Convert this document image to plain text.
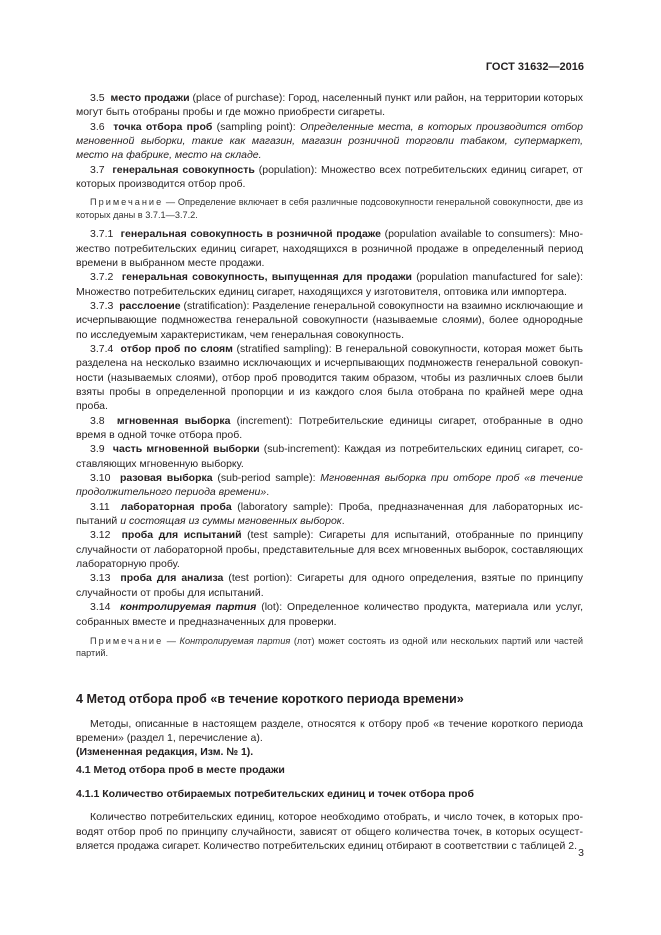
ГОСТ 31632—2016

3.5 место продажи (place of purchase): Город, населенный пункт или район, на территории которых могут быть отобраны пробы и где можно приобрести сигареты.

3.6 точка отбора проб (sampling point): Определенные места, в которых производится отбор мгновенной выборки, такие как магазин, магазин розничной торговли табаком, супермаркет, место на фабрике, место на складе.

3.7 генеральная совокупность (population): Множество всех потребительских единиц сигарет, от которых производится отбор проб.

Примечание — Определение включает в себя различные подсовокупности генеральной совокупности, две из которых даны в 3.7.1—3.7.2.

3.7.1 генеральная совокупность в розничной продаже (population available to consumers): Множество потребительских единиц сигарет, находящихся в розничной продаже в определенный период времени в выбранном месте продажи.

3.7.2 генеральная совокупность, выпущенная для продажи (population manufactured for sale): Множество потребительских единиц сигарет, находящихся у изготовителя, оптовика или импортера.

3.7.3 расслоение (stratification): Разделение генеральной совокупности на взаимно исключающие и исчерпывающие подмножества генеральной совокупности (называемые слоями), более однородные по исследуемым характеристикам, чем генеральная совокупность.

3.7.4 отбор проб по слоям (stratified sampling): В генеральной совокупности, которая может быть разделена на несколько взаимно исключающих и исчерпывающих подмножеств генеральной совокупности (называемых слоями), отбор проб проводится таким образом, чтобы из различных слоев были взяты пробы в определенной пропорции и из каждого слоя была отобрана по крайней мере одна проба.

3.8 мгновенная выборка (increment): Потребительские единицы сигарет, отобранные в одно время в одной точке отбора проб.

3.9 часть мгновенной выборки (sub-increment): Каждая из потребительских единиц сигарет, составляющих мгновенную выборку.

3.10 разовая выборка (sub-period sample): Мгновенная выборка при отборе проб «в течение продолжительного периода времени».

3.11 лабораторная проба (laboratory sample): Проба, предназначенная для лабораторных испытаний и состоящая из суммы мгновенных выборок.

3.12 проба для испытаний (test sample): Сигареты для испытаний, отобранные по принципу случайности от лабораторной пробы, представительные для всех мгновенных выборок, составляющих лабораторную пробу.

3.13 проба для анализа (test portion): Сигареты для одного определения, взятые по принципу случайности от пробы для испытаний.

3.14 контролируемая партия (lot): Определенное количество продукта, материала или услуг, собранных вместе и предназначенных для проверки.

Примечание — Контролируемая партия (лот) может состоять из одной или нескольких партий или частей партий.

4 Метод отбора проб «в течение короткого периода времени»

Методы, описанные в настоящем разделе, относятся к отбору проб «в течение короткого периода времени» (раздел 1, перечисление а).

(Измененная редакция, Изм. № 1).

4.1 Метод отбора проб в месте продажи

4.1.1 Количество отбираемых потребительских единиц и точек отбора проб

Количество потребительских единиц, которое необходимо отобрать, и число точек, в которых проводят отбор проб по принципу случайности, зависят от общего количества точек, в которых осуществляется продажа сигарет. Количество потребительских единиц отбирают в соответствии с таблицей 2.

3
